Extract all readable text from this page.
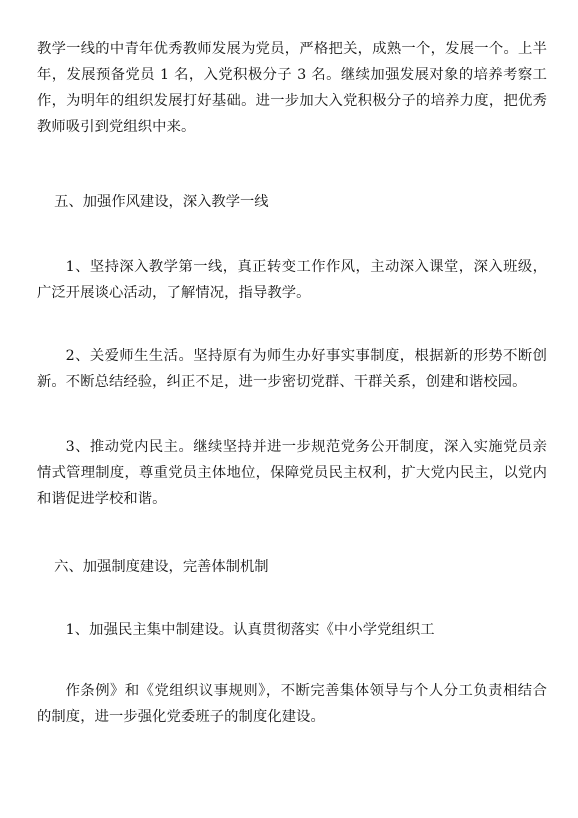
教学一线的中青年优秀教师发展为党员，严格把关，成熟一个，发展一个。上半年，发展预备党员 1 名，入党积极分子 3 名。继续加强发展对象的培养考察工作，为明年的组织发展打好基础。进一步加大入党积极分子的培养力度，把优秀教师吸引到党组织中来。

五、加强作风建设，深入教学一线

1、坚持深入教学第一线，真正转变工作作风，主动深入课堂，深入班级，广泛开展谈心活动，了解情况，指导教学。

2、关爱师生生活。坚持原有为师生办好事实事制度，根据新的形势不断创新。不断总结经验，纠正不足，进一步密切党群、干群关系，创建和谐校园。

3、推动党内民主。继续坚持并进一步规范党务公开制度，深入实施党员亲情式管理制度，尊重党员主体地位，保障党员民主权利，扩大党内民主，以党内和谐促进学校和谐。

六、加强制度建设，完善体制机制

1、加强民主集中制建设。认真贯彻落实《中小学党组织工

作条例》和《党组织议事规则》，不断完善集体领导与个人分工负责相结合的制度，进一步强化党委班子的制度化建设。
